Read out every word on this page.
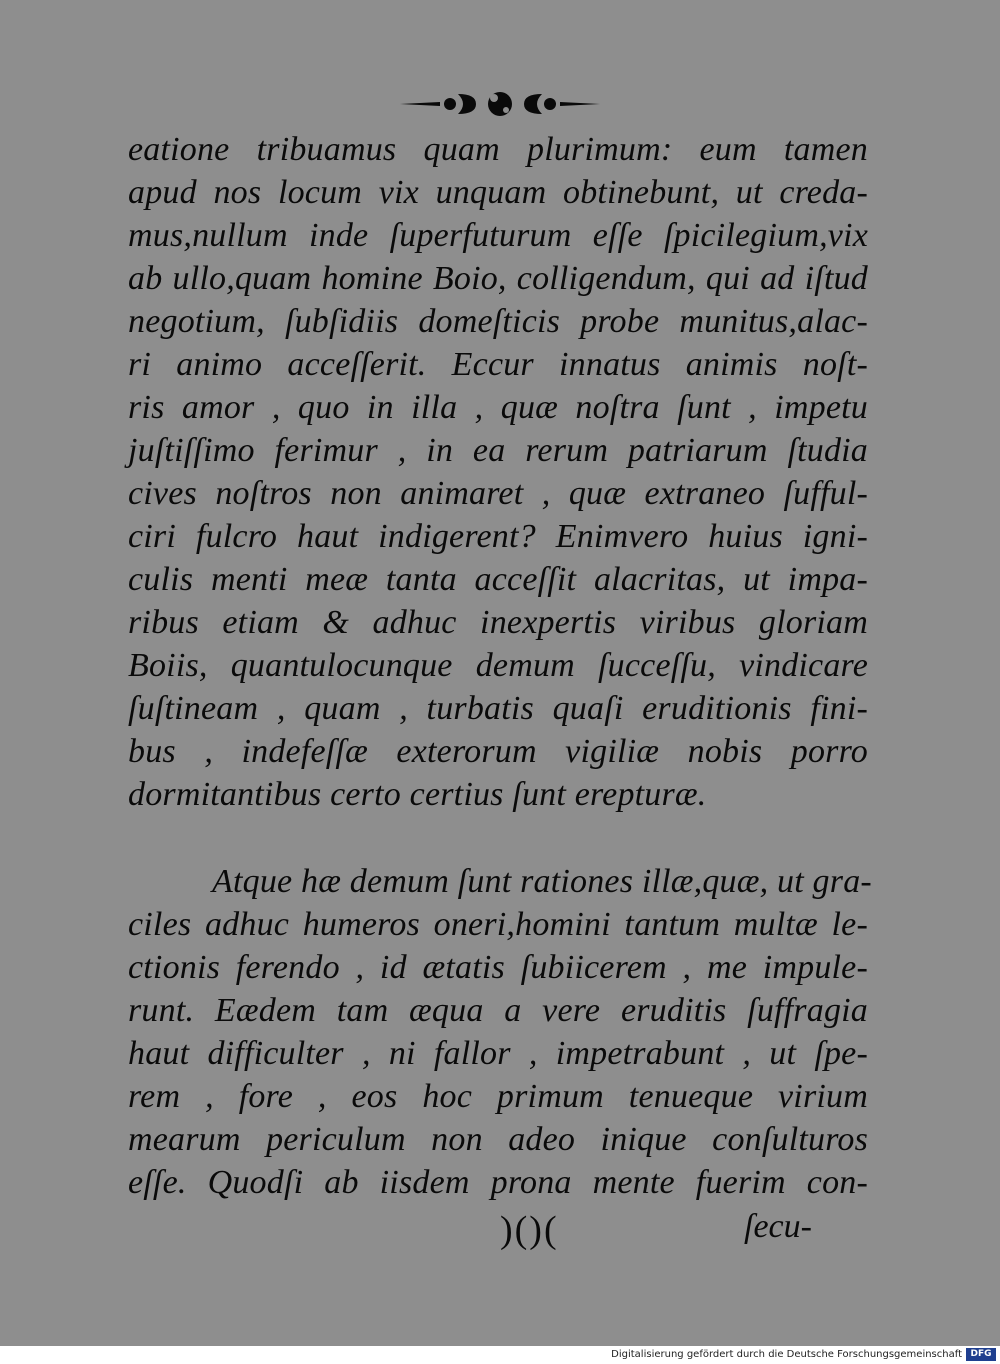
eatione tribuamus quam plurimum: eum tamen
apud nos locum vix unquam obtinebunt, ut creda-
mus,nullum inde ſuperfuturum eſſe ſpicilegium,vix
ab ullo,quam homine Boio, colligendum, qui ad iſtud
negotium, ſubſidiis domeſticis probe munitus,alac-
ri animo acceſſerit. Eccur innatus animis noſt-
ris amor , quo in illa , quæ noſtra ſunt , impetu
juſtiſſimo ferimur , in ea rerum patriarum ſtudia
cives noſtros non animaret , quæ extraneo ſufful-
ciri fulcro haut indigerent? Enimvero huius igni-
culis menti meæ tanta acceſſit alacritas, ut impa-
ribus etiam & adhuc inexpertis viribus gloriam
Boiis, quantulocunque demum ſucceſſu, vindicare
ſuſtineam , quam , turbatis quaſi eruditionis fini-
bus , indefeſſæ exterorum vigiliæ nobis porro
dormitantibus certo certius ſunt erepturæ.
Atque hæ demum ſunt rationes illæ,quæ, ut gra-
ciles adhuc humeros oneri,homini tantum multæ le-
ctionis ferendo , id ætatis ſubiicerem , me impule-
runt. Eædem tam æqua a vere eruditis ſuffragia
haut difficulter , ni fallor , impetrabunt , ut ſpe-
rem , fore , eos hoc primum tenueque virium
mearum periculum non adeo inique conſulturos
eſſe. Quodſi ab iisdem prona mente fuerim con-
)()(	ſecu-
Digitalisierung gefördert durch die Deutsche Forschungsgemeinschaft DFG
